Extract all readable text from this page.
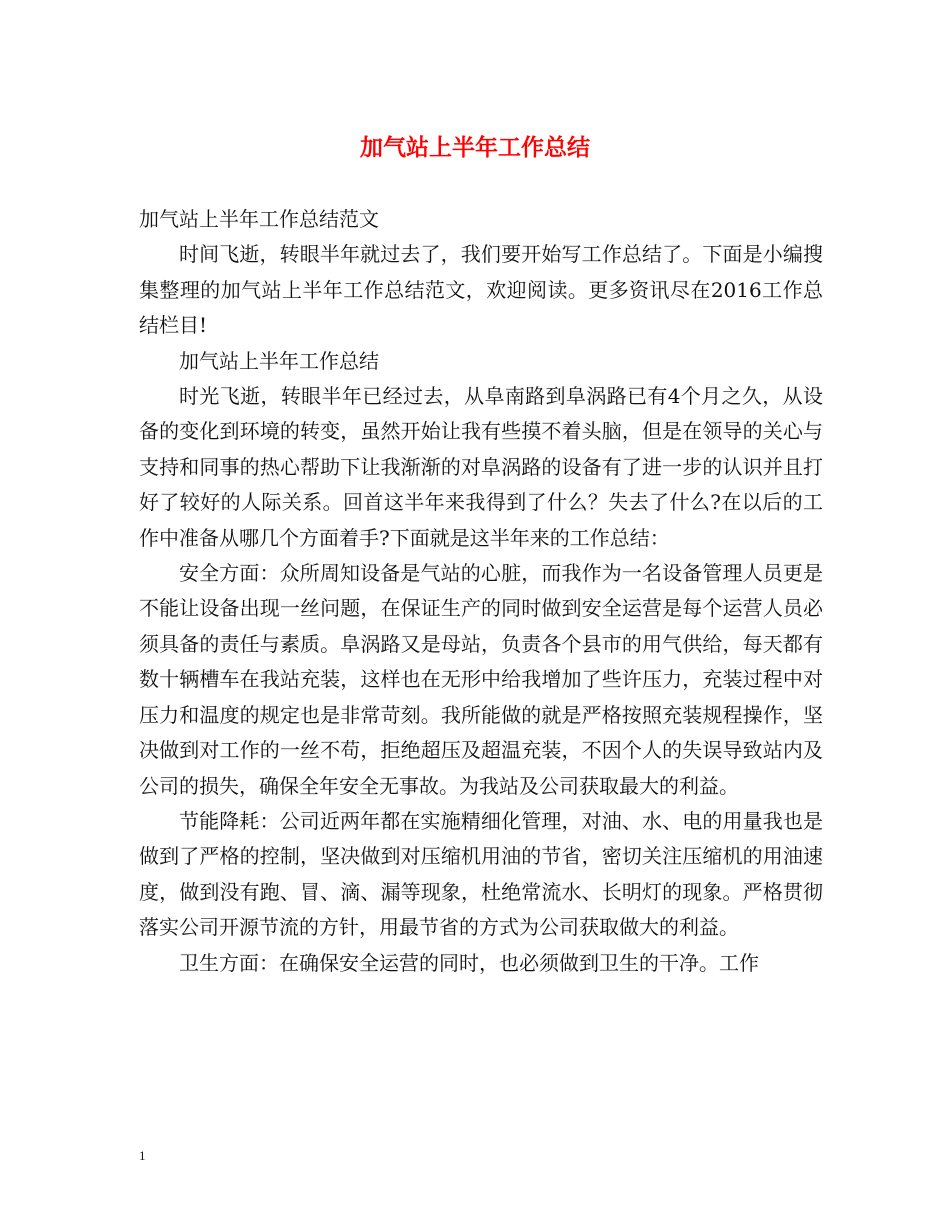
加气站上半年工作总结

加气站上半年工作总结范文

时间飞逝，转眼半年就过去了，我们要开始写工作总结了。下面是小编搜集整理的加气站上半年工作总结范文，欢迎阅读。更多资讯尽在2016工作总结栏目!

加气站上半年工作总结

时光飞逝，转眼半年已经过去，从阜南路到阜涡路已有4个月之久，从设备的变化到环境的转变，虽然开始让我有些摸不着头脑，但是在领导的关心与支持和同事的热心帮助下让我渐渐的对阜涡路的设备有了进一步的认识并且打好了较好的人际关系。回首这半年来我得到了什么？失去了什么?在以后的工作中准备从哪几个方面着手?下面就是这半年来的工作总结：

安全方面：众所周知设备是气站的心脏，而我作为一名设备管理人员更是不能让设备出现一丝问题，在保证生产的同时做到安全运营是每个运营人员必须具备的责任与素质。阜涡路又是母站，负责各个县市的用气供给，每天都有数十辆槽车在我站充装，这样也在无形中给我增加了些许压力，充装过程中对压力和温度的规定也是非常苛刻。我所能做的就是严格按照充装规程操作，坚决做到对工作的一丝不苟，拒绝超压及超温充装，不因个人的失误导致站内及公司的损失，确保全年安全无事故。为我站及公司获取最大的利益。

节能降耗：公司近两年都在实施精细化管理，对油、水、电的用量我也是做到了严格的控制，坚决做到对压缩机用油的节省，密切关注压缩机的用油速度，做到没有跑、冒、滴、漏等现象，杜绝常流水、长明灯的现象。严格贯彻落实公司开源节流的方针，用最节省的方式为公司获取做大的利益。

卫生方面：在确保安全运营的同时，也必须做到卫生的干净。工作

1
